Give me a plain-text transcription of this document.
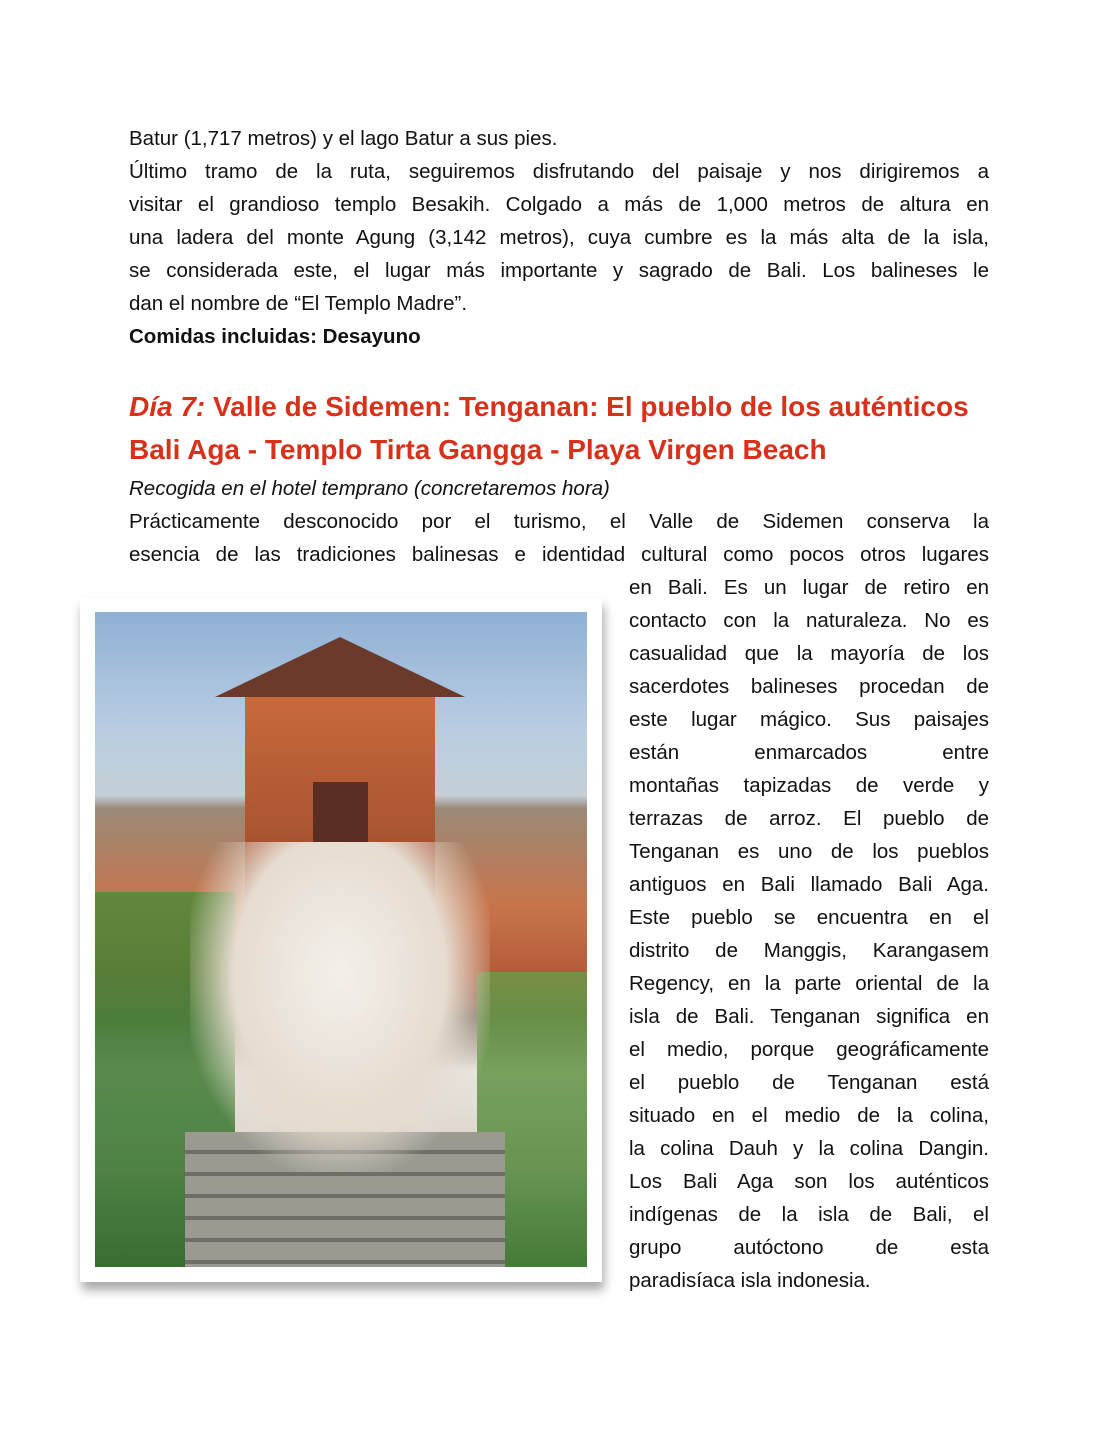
Batur (1,717 metros) y el lago Batur a sus pies.
Último tramo de la ruta, seguiremos disfrutando del paisaje y nos dirigiremos a
visitar el grandioso templo Besakih. Colgado a más de 1,000 metros de altura en
una ladera del monte Agung (3,142 metros), cuya cumbre es la más alta de la isla,
se considerada este, el lugar más importante y sagrado de Bali. Los balineses le
dan el nombre de “El Templo Madre”.
Comidas incluidas: Desayuno
Día 7: Valle de Sidemen: Tenganan: El pueblo de los auténticos
Bali Aga - Templo Tirta Gangga - Playa Virgen Beach
Recogida en el hotel temprano (concretaremos hora)
Prácticamente desconocido por el turismo, el Valle de Sidemen conserva la
esencia de las tradiciones balinesas e identidad cultural como pocos otros lugares
en Bali. Es un lugar de retiro en
contacto con la naturaleza. No es
casualidad que la mayoría de los
sacerdotes balineses procedan de
este lugar mágico. Sus paisajes
están enmarcados entre
montañas tapizadas de verde y
terrazas de arroz. El pueblo de
Tenganan es uno de los pueblos
antiguos en Bali llamado Bali Aga.
Este pueblo se encuentra en el
distrito de Manggis, Karangasem
Regency, en la parte oriental de la
isla de Bali. Tenganan significa en
el medio, porque geográficamente
el pueblo de Tenganan está
situado en el medio de la colina,
la colina Dauh y la colina Dangin.
Los Bali Aga son los auténticos
indígenas de la isla de Bali, el
grupo autóctono de esta
paradisíaca isla indonesia.
